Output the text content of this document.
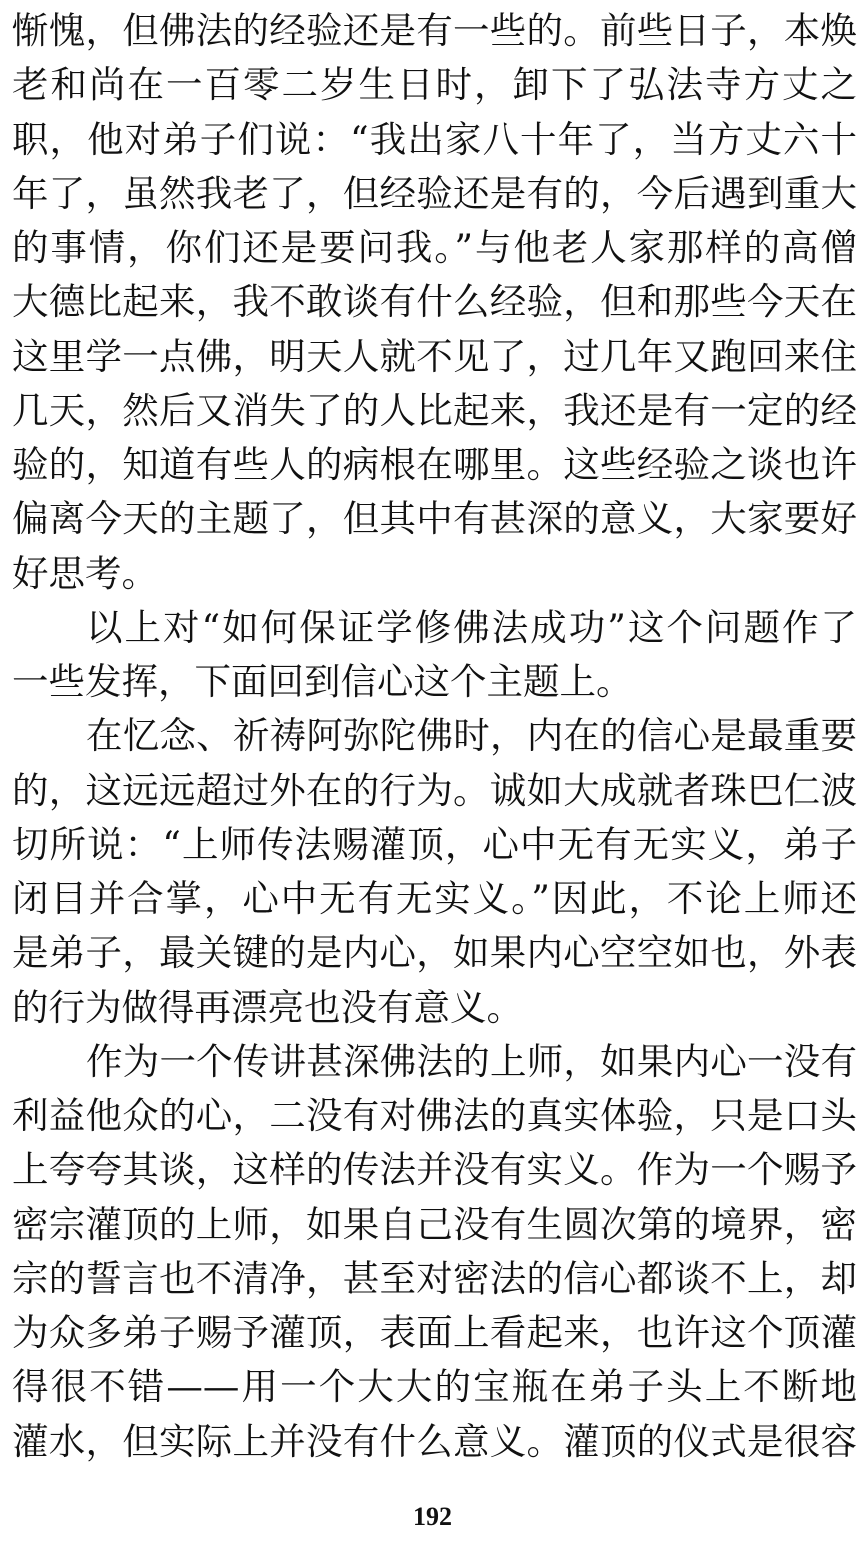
惭愧，但佛法的经验还是有一些的。前些日子，本焕
老和尚在一百零二岁生日时，卸下了弘法寺方丈之
职，他对弟子们说：“我出家八十年了，当方丈六十
年了，虽然我老了，但经验还是有的，今后遇到重大
的事情，你们还是要问我。”与他老人家那样的高僧
大德比起来，我不敢谈有什么经验，但和那些今天在
这里学一点佛，明天人就不见了，过几年又跑回来住
几天，然后又消失了的人比起来，我还是有一定的经
验的，知道有些人的病根在哪里。这些经验之谈也许
偏离今天的主题了，但其中有甚深的意义，大家要好
好思考。
以上对“如何保证学修佛法成功”这个问题作了
一些发挥，下面回到信心这个主题上。
在忆念、祈祷阿弥陀佛时，内在的信心是最重要
的，这远远超过外在的行为。诚如大成就者珠巴仁波
切所说：“上师传法赐灌顶，心中无有无实义，弟子
闭目并合掌，心中无有无实义。”因此，不论上师还
是弟子，最关键的是内心，如果内心空空如也，外表
的行为做得再漂亮也没有意义。
作为一个传讲甚深佛法的上师，如果内心一没有
利益他众的心，二没有对佛法的真实体验，只是口头
上夸夸其谈，这样的传法并没有实义。作为一个赐予
密宗灌顶的上师，如果自己没有生圆次第的境界，密
宗的誓言也不清净，甚至对密法的信心都谈不上，却
为众多弟子赐予灌顶，表面上看起来，也许这个顶灌
得很不错——用一个大大的宝瓶在弟子头上不断地
灌水，但实际上并没有什么意义。灌顶的仪式是很容
192
